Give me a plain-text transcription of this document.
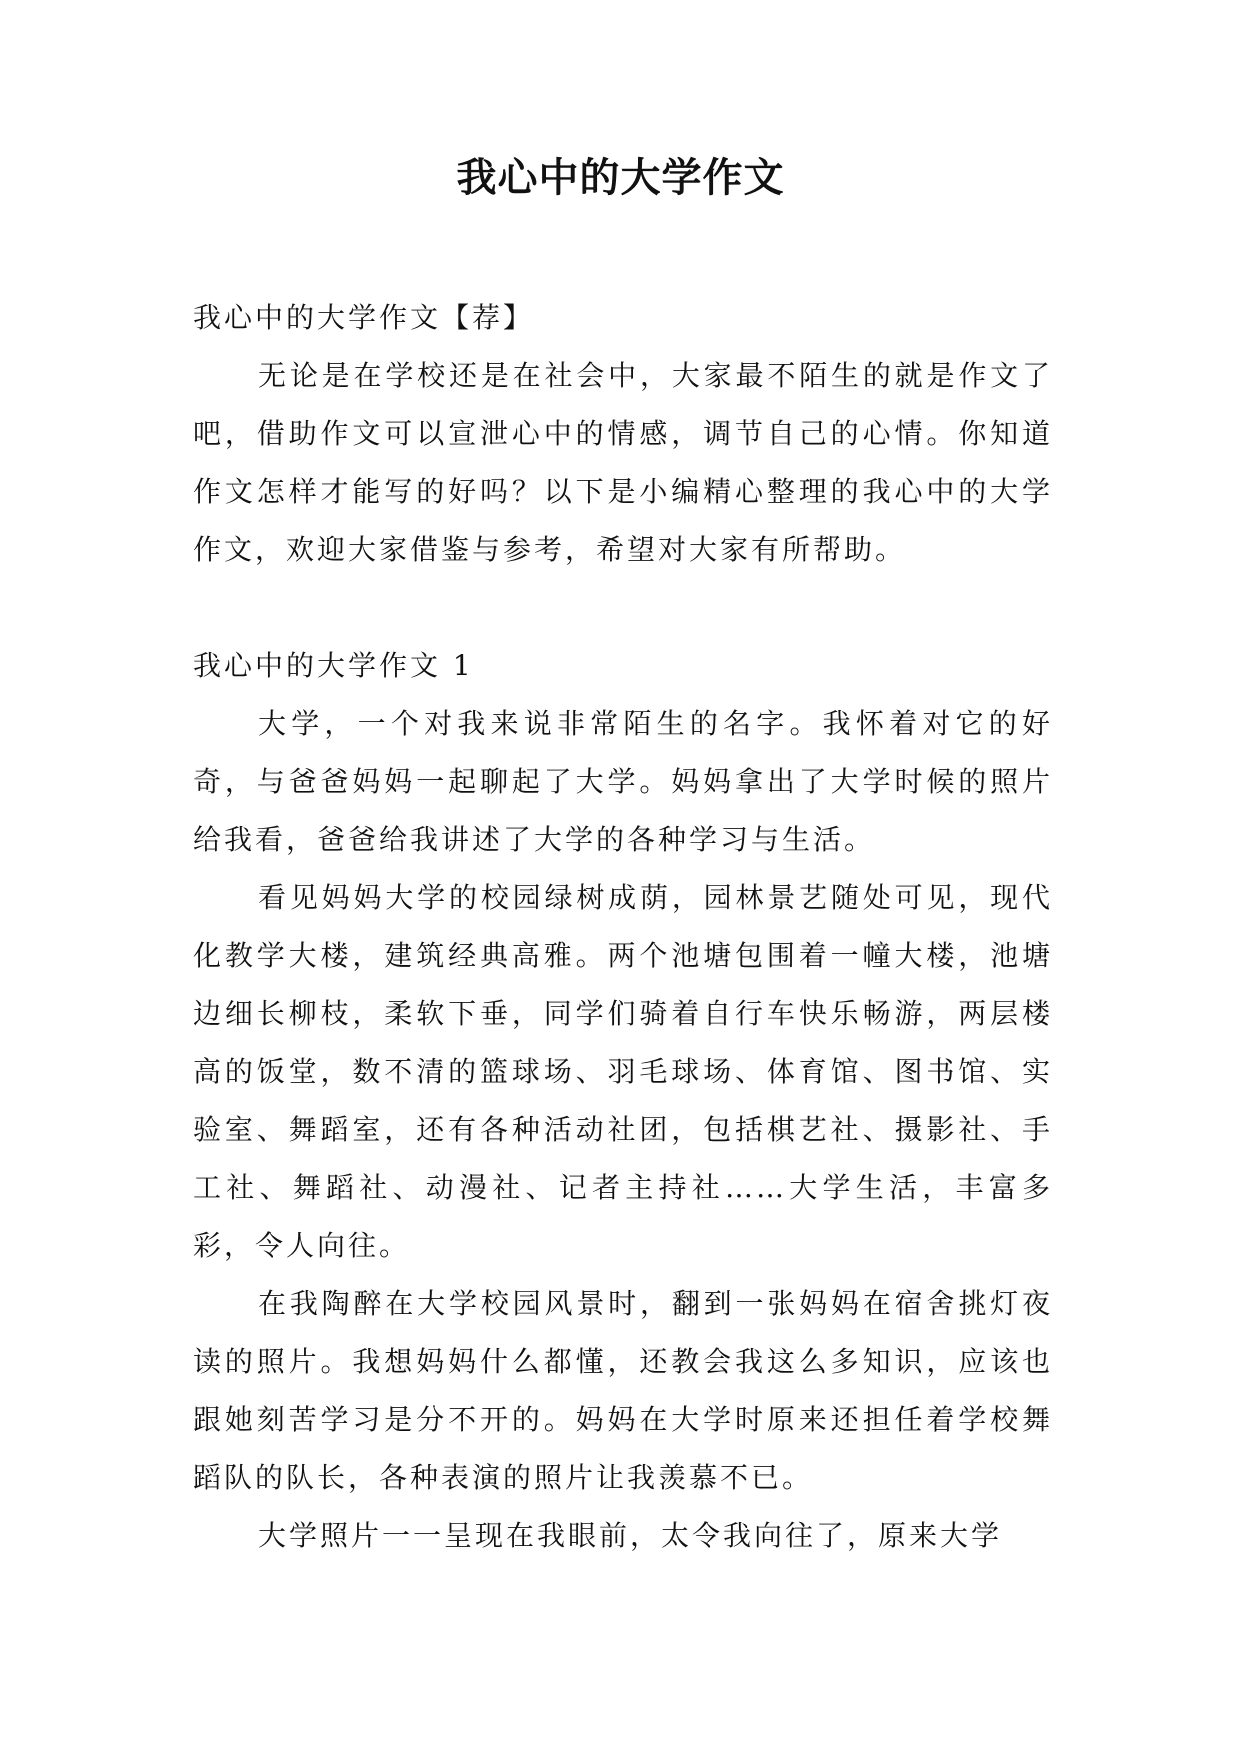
我心中的大学作文

我心中的大学作文【荐】

无论是在学校还是在社会中，大家最不陌生的就是作文了吧，借助作文可以宣泄心中的情感，调节自己的心情。你知道作文怎样才能写的好吗？以下是小编精心整理的我心中的大学作文，欢迎大家借鉴与参考，希望对大家有所帮助。

我心中的大学作文 1

大学，一个对我来说非常陌生的名字。我怀着对它的好奇，与爸爸妈妈一起聊起了大学。妈妈拿出了大学时候的照片给我看，爸爸给我讲述了大学的各种学习与生活。

看见妈妈大学的校园绿树成荫，园林景艺随处可见，现代化教学大楼，建筑经典高雅。两个池塘包围着一幢大楼，池塘边细长柳枝，柔软下垂，同学们骑着自行车快乐畅游，两层楼高的饭堂，数不清的篮球场、羽毛球场、体育馆、图书馆、实验室、舞蹈室，还有各种活动社团，包括棋艺社、摄影社、手工社、舞蹈社、动漫社、记者主持社……大学生活，丰富多彩，令人向往。

在我陶醉在大学校园风景时，翻到一张妈妈在宿舍挑灯夜读的照片。我想妈妈什么都懂，还教会我这么多知识，应该也跟她刻苦学习是分不开的。妈妈在大学时原来还担任着学校舞蹈队的队长，各种表演的照片让我羡慕不已。

大学照片一一呈现在我眼前，太令我向往了，原来大学
